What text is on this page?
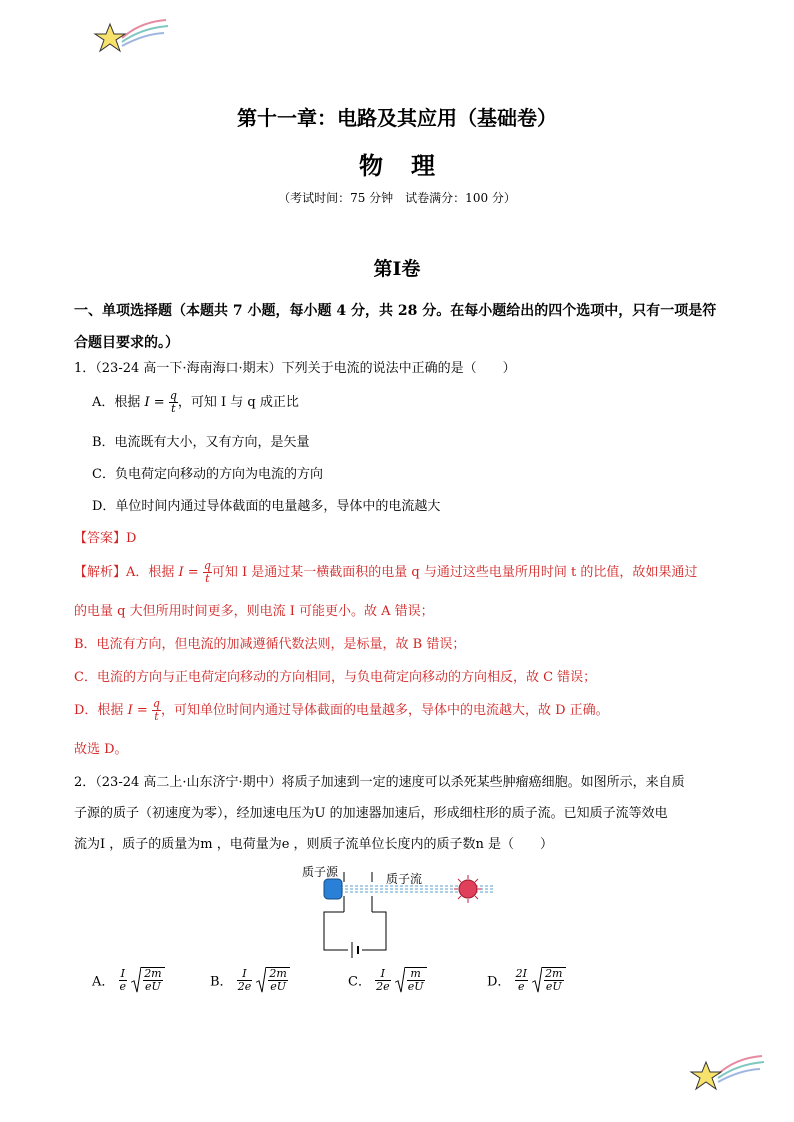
第十一章：电路及其应用（基础卷）
物 理
（考试时间：75 分钟　试卷满分：100 分）
第Ⅰ卷
一、单项选择题（本题共 7 小题，每小题 4 分，共 28 分。在每小题给出的四个选项中，只有一项是符
合题目要求的。）
1．（23-24 高一下·海南海口·期末）下列关于电流的说法中正确的是（　　）
A．根据 $I = \frac{q}{t}$ ，可知 I 与 q 成正比
B．电流既有大小，又有方向，是矢量
C．负电荷定向移动的方向为电流的方向
D．单位时间内通过导体截面的电量越多，导体中的电流越大
【答案】D
【解析】A．根据 $I = \frac{q}{t}$ 可知 I 是通过某一横截面积的电量 q 与通过这些电量所用时间 t 的比值，故如果通过
的电量 q 大但所用时间更多，则电流 I 可能更小。故 A 错误；
B．电流有方向，但电流的加减遵循代数法则，是标量，故 B 错误；
C．电流的方向与正电荷定向移动的方向相同，与负电荷定向移动的方向相反，故 C 错误；
D．根据 $I = \frac{q}{t}$ ，可知单位时间内通过导体截面的电量越多，导体中的电流越大，故 D 正确。
故选 D。
2．（23-24 高二上·山东济宁·期中）将质子加速到一定的速度可以杀死某些肿瘤癌细胞。如图所示，来自质
子源的质子（初速度为零），经加速电压为U 的加速器加速后，形成细柱形的质子流。已知质子流等效电
流为I ，质子的质量为m ，电荷量为e ，则质子流单位长度内的质子数n 是（　　）
质子源	质子流
A． $\frac{I}{e}$
$\frac{2m}{eU}$	B． $\frac{I}{2e}$
$\frac{2m}{eU}$	C． $\frac{I}{2e}$
$\frac{m}{eU}$	D． $\frac{2I}{e}$
$\frac{2m}{eU}$
